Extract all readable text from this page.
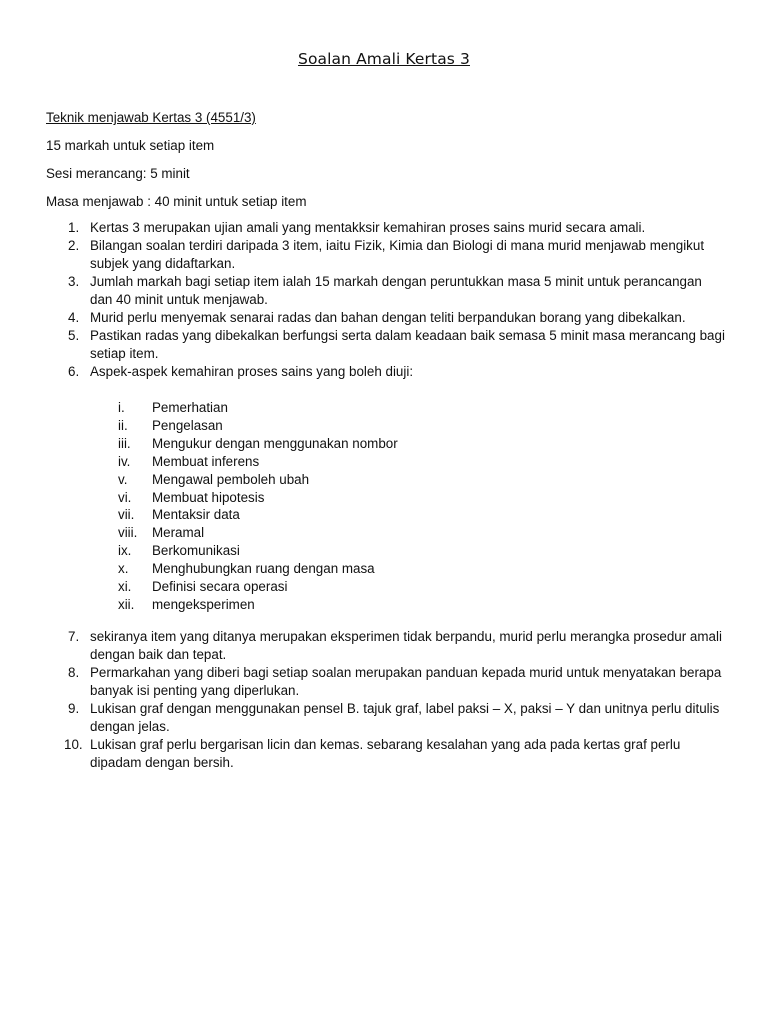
Soalan Amali Kertas 3
Teknik menjawab Kertas 3 (4551/3)
15 markah untuk setiap item
Sesi merancang: 5 minit
Masa menjawab : 40 minit untuk setiap item
1. Kertas 3 merupakan ujian amali yang mentakksir kemahiran proses sains murid secara amali.
2. Bilangan soalan terdiri daripada 3 item, iaitu Fizik, Kimia dan Biologi di mana murid menjawab mengikut subjek yang didaftarkan.
3. Jumlah markah bagi setiap item ialah 15 markah dengan peruntukkan masa 5 minit untuk perancangan dan 40 minit untuk menjawab.
4. Murid perlu menyemak senarai radas dan bahan dengan teliti berpandukan borang yang dibekalkan.
5. Pastikan radas yang dibekalkan berfungsi serta dalam keadaan baik semasa 5 minit masa merancang bagi setiap item.
6. Aspek-aspek kemahiran proses sains yang boleh diuji:
i. Pemerhatian
ii. Pengelasan
iii. Mengukur dengan menggunakan nombor
iv. Membuat inferens
v. Mengawal pemboleh ubah
vi. Membuat hipotesis
vii. Mentaksir data
viii. Meramal
ix. Berkomunikasi
x. Menghubungkan ruang dengan masa
xi. Definisi secara operasi
xii. mengeksperimen
7. sekiranya item yang ditanya merupakan eksperimen tidak berpandu, murid perlu merangka prosedur amali dengan baik dan tepat.
8. Permarkahan yang diberi bagi setiap soalan merupakan panduan kepada murid untuk menyatakan berapa banyak isi penting yang diperlukan.
9. Lukisan graf dengan menggunakan pensel B. tajuk graf, label paksi – X, paksi – Y dan unitnya perlu ditulis dengan jelas.
10. Lukisan graf perlu bergarisan licin dan kemas. sebarang kesalahan yang ada pada kertas graf perlu dipadam dengan bersih.
